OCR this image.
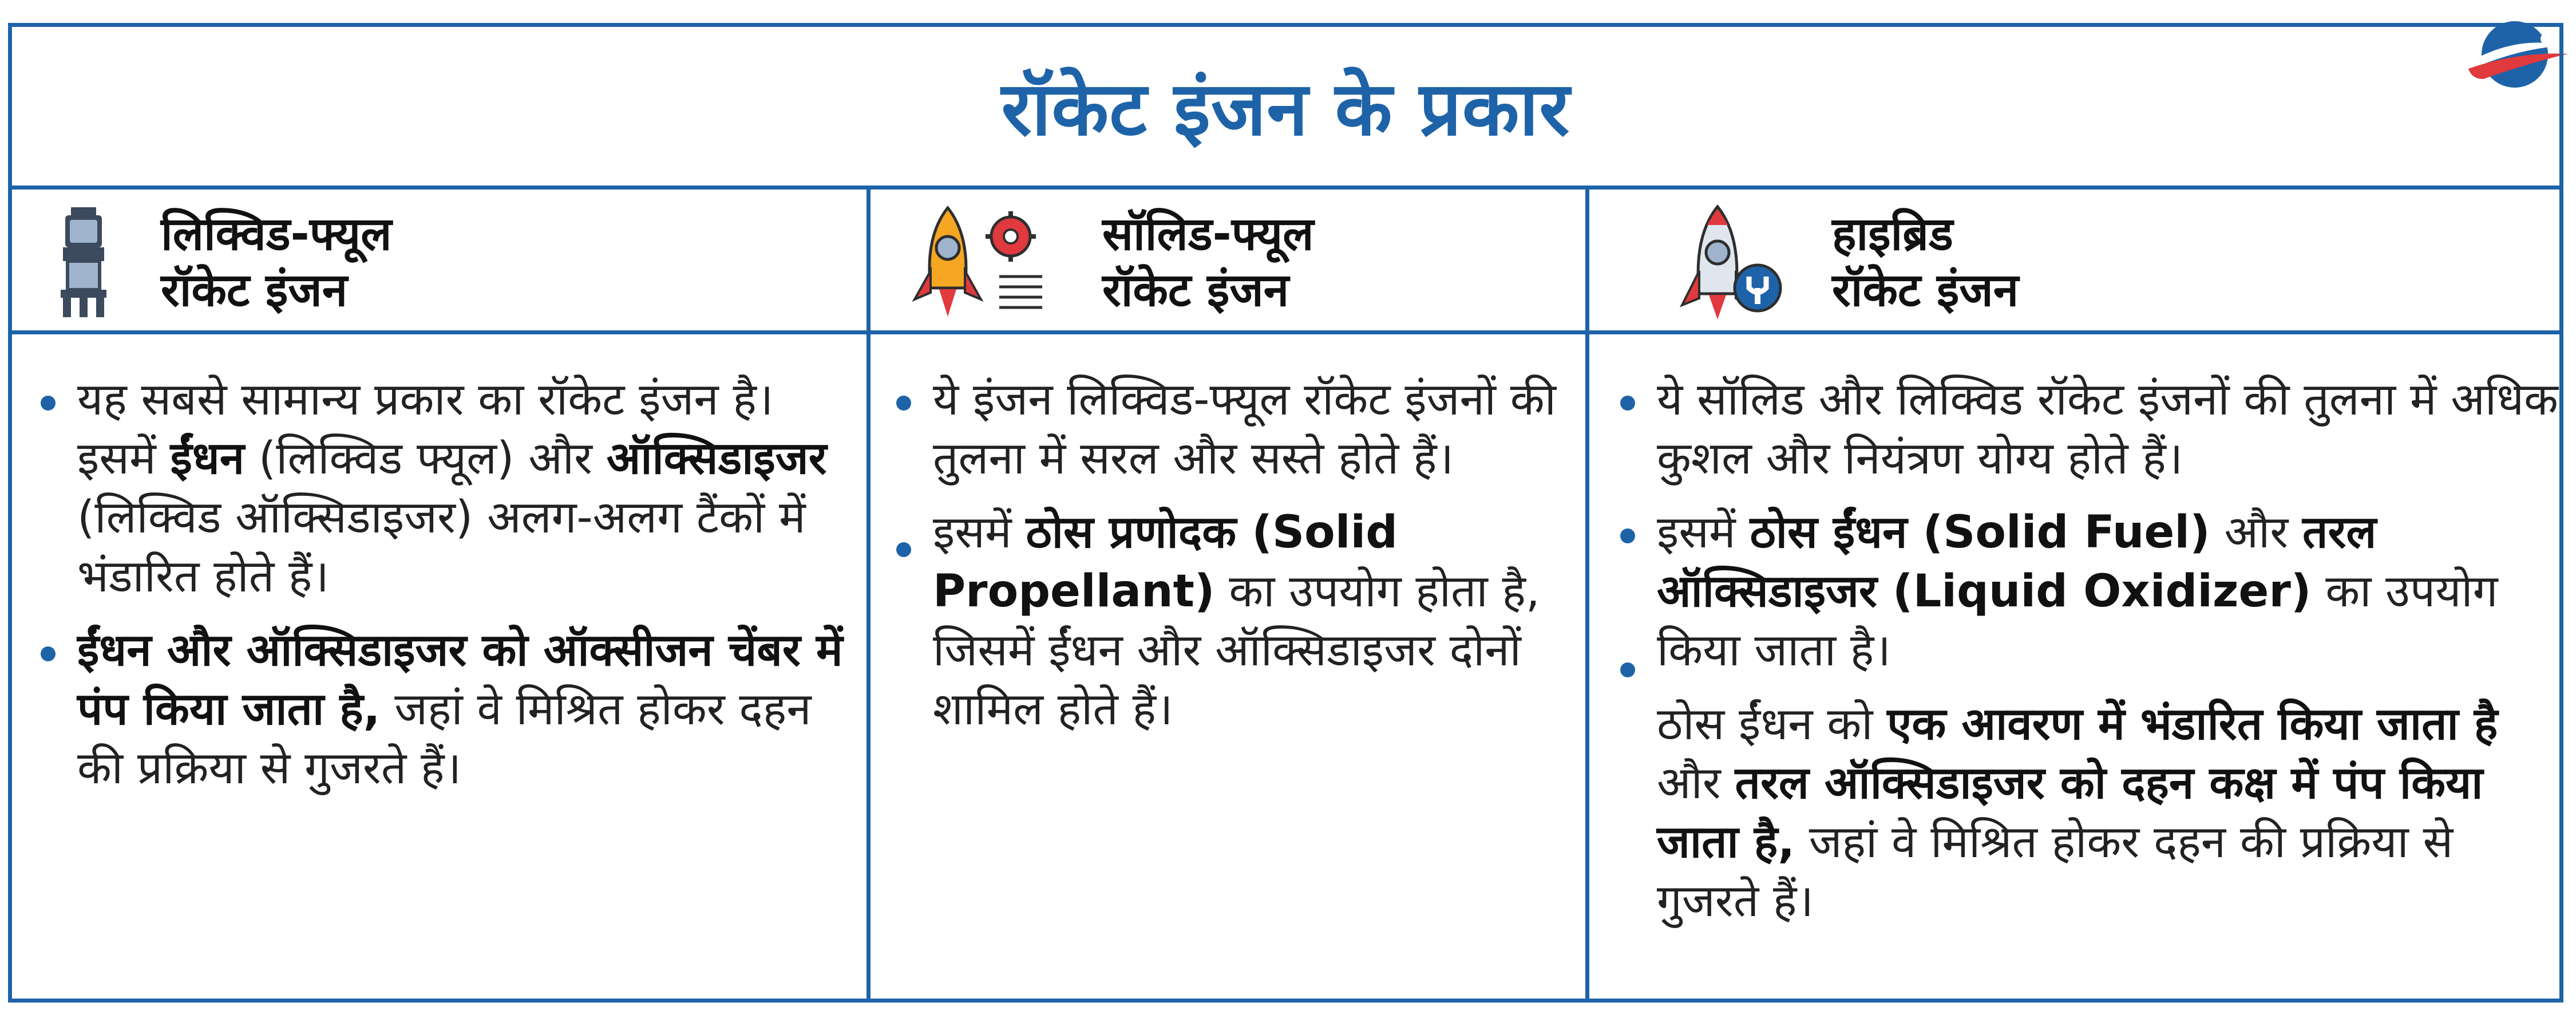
रॉकेट इंजन के प्रकार
लिक्विड-फ्यूल
रॉकेट इंजन
सॉलिड-फ्यूल
रॉकेट इंजन
हाइब्रिड
रॉकेट इंजन

यह सबसे सामान्य प्रकार का रॉकेट इंजन है। इसमें ईंधन (लिक्विड फ्यूल) और ऑक्सिडाइजर (लिक्विड ऑक्सिडाइजर) अलग-अलग टैंकों में भंडारित होते हैं।

ईंधन और ऑक्सिडाइजर को ऑक्सीजन चेंबर में पंप किया जाता है, जहां वे मिश्रित होकर दहन की प्रक्रिया से गुजरते हैं।

ये इंजन लिक्विड-फ्यूल रॉकेट इंजनों की तुलना में सरल और सस्ते होते हैं।

इसमें ठोस प्रणोदक (Solid Propellant) का उपयोग होता है, जिसमें ईंधन और ऑक्सिडाइजर दोनों शामिल होते हैं।

ये सॉलिड और लिक्विड रॉकेट इंजनों की तुलना में अधिक कुशल और नियंत्रण योग्य होते हैं।

इसमें ठोस ईंधन (Solid Fuel) और तरल ऑक्सिडाइजर (Liquid Oxidizer) का उपयोग किया जाता है।

ठोस ईंधन को एक आवरण में भंडारित किया जाता है और तरल ऑक्सिडाइजर को दहन कक्ष में पंप किया जाता है, जहां वे मिश्रित होकर दहन की प्रक्रिया से गुजरते हैं।
